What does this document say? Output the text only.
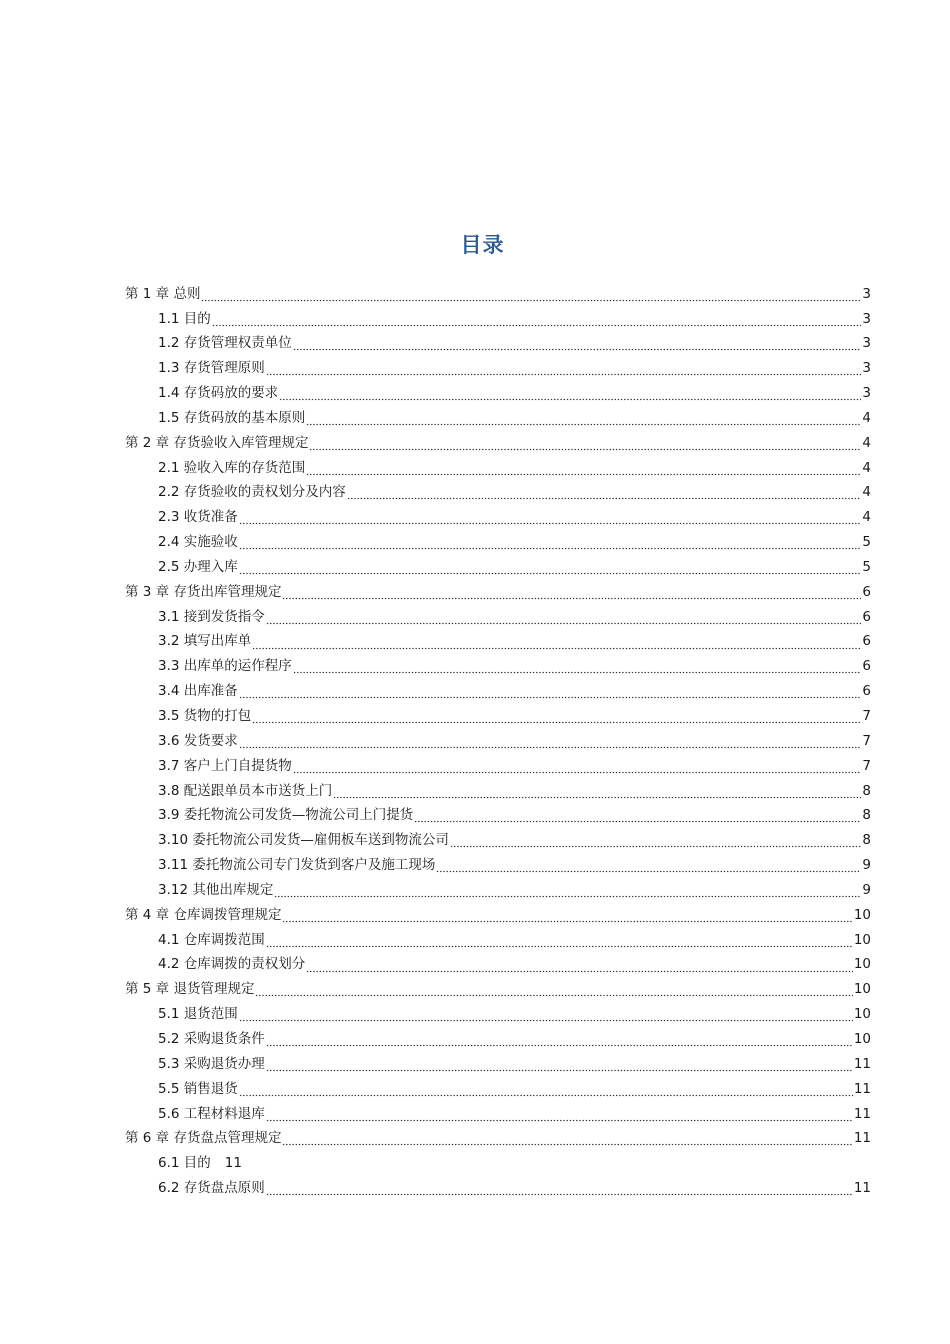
目录
第 1 章 总则	3
1.1 目的	3
1.2 存货管理权责单位	3
1.3 存货管理原则	3
1.4 存货码放的要求	3
1.5 存货码放的基本原则	4
第 2 章 存货验收入库管理规定	4
2.1 验收入库的存货范围	4
2.2 存货验收的责权划分及内容	4
2.3 收货准备	4
2.4 实施验收	5
2.5 办理入库	5
第 3 章 存货出库管理规定	6
3.1 接到发货指令	6
3.2 填写出库单	6
3.3 出库单的运作程序	6
3.4 出库准备	6
3.5 货物的打包	7
3.6 发货要求	7
3.7 客户上门自提货物	7
3.8 配送跟单员本市送货上门	8
3.9 委托物流公司发货—物流公司上门提货	8
3.10 委托物流公司发货—雇佣板车送到物流公司	8
3.11 委托物流公司专门发货到客户及施工现场	9
3.12 其他出库规定	9
第 4 章 仓库调拨管理规定	10
4.1 仓库调拨范围	10
4.2 仓库调拨的责权划分	10
第 5 章 退货管理规定	10
5.1 退货范围	10
5.2 采购退货条件	10
5.3 采购退货办理	11
5.5 销售退货	11
5.6 工程材料退库	11
第 6 章 存货盘点管理规定	11
6.1 目的 11
6.2 存货盘点原则	11
